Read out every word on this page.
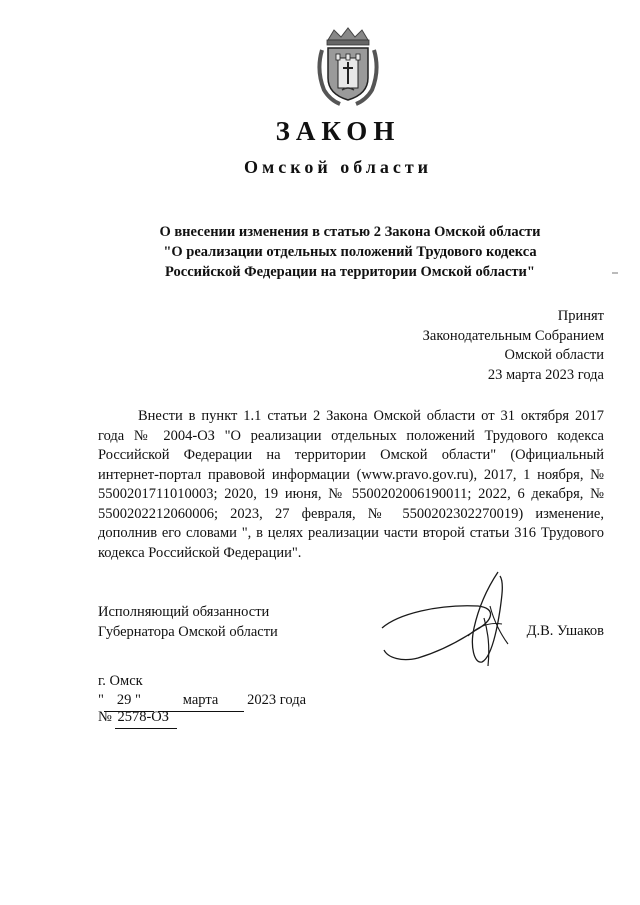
ЗАКОН
Омской области
О внесении изменения в статью 2 Закона Омской области
"О реализации отдельных положений Трудового кодекса
Российской Федерации на территории Омской области"
Принят
Законодательным Собранием
Омской области
23 марта 2023 года

Внести в пункт 1.1 статьи 2 Закона Омской области от 31 октября 2017 года № 2004-ОЗ "О реализации отдельных положений Трудового кодекса Российской Федерации на территории Омской области" (Официальный интернет-портал правовой информации (www.pravo.gov.ru), 2017, 1 ноября, № 5500201711010003; 2020, 19 июня, № 5500202006190011; 2022, 6 декабря, № 5500202212060006; 2023, 27 февраля, № 5500202302270019) изменение, дополнив его словами ", в целях реализации части второй статьи 316 Трудового кодекса Российской Федерации".

Исполняющий обязанности
Губернатора Омской области	Д.В. Ушаков
г. Омск
" 29 "	марта 2023 года
№ 2578-ОЗ
